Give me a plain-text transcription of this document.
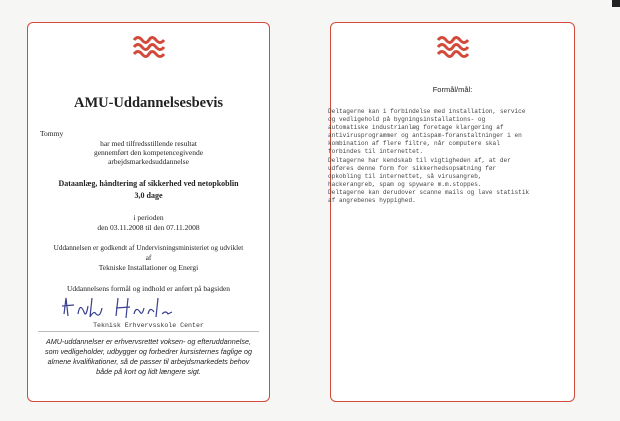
AMU-Uddannelsesbevis

Tommy

har med tilfredsstillende resultat

gennemført den kompetencegivende

arbejdsmarkedsuddannelse

Dataanlæg, håndtering af sikkerhed ved netopkoblin

3,0 dage

i perioden

den 03.11.2008 til den 07.11.2008

Uddannelsen er godkendt af Undervisningsministeriet og udviklet

af

Tekniske Installationer og Energi

Uddannelsens formål og indhold er anført på bagsiden

Teknisk Erhvervsskole Center

AMU-uddannelser er erhvervsrettet voksen- og efteruddannelse,
som vedligeholder, udbygger og forbedrer kursisternes faglige og
almene kvalifikationer, så de passer til arbejdsmarkedets behov
både på kort og lidt længere sigt.

Formål/mål:

Deltagerne kan i forbindelse med installation, service
og vedligehold på bygningsinstallations- og
automatiske industrianlæg foretage klargøring af
antivirusprogrammer og antispam-foranstaltninger i en
kombination af flere filtre, når computere skal
forbindes til internettet.
Deltagerne har kendskab til vigtigheden af, at der
udføres denne form for sikkerhedsopsætning før
opkobling til internettet, så virusangreb,
hackerangreb, spam og spyware m.m.stoppes.
Deltagerne kan derudover scanne mails og lave statistik
af angrebenes hyppighed.
